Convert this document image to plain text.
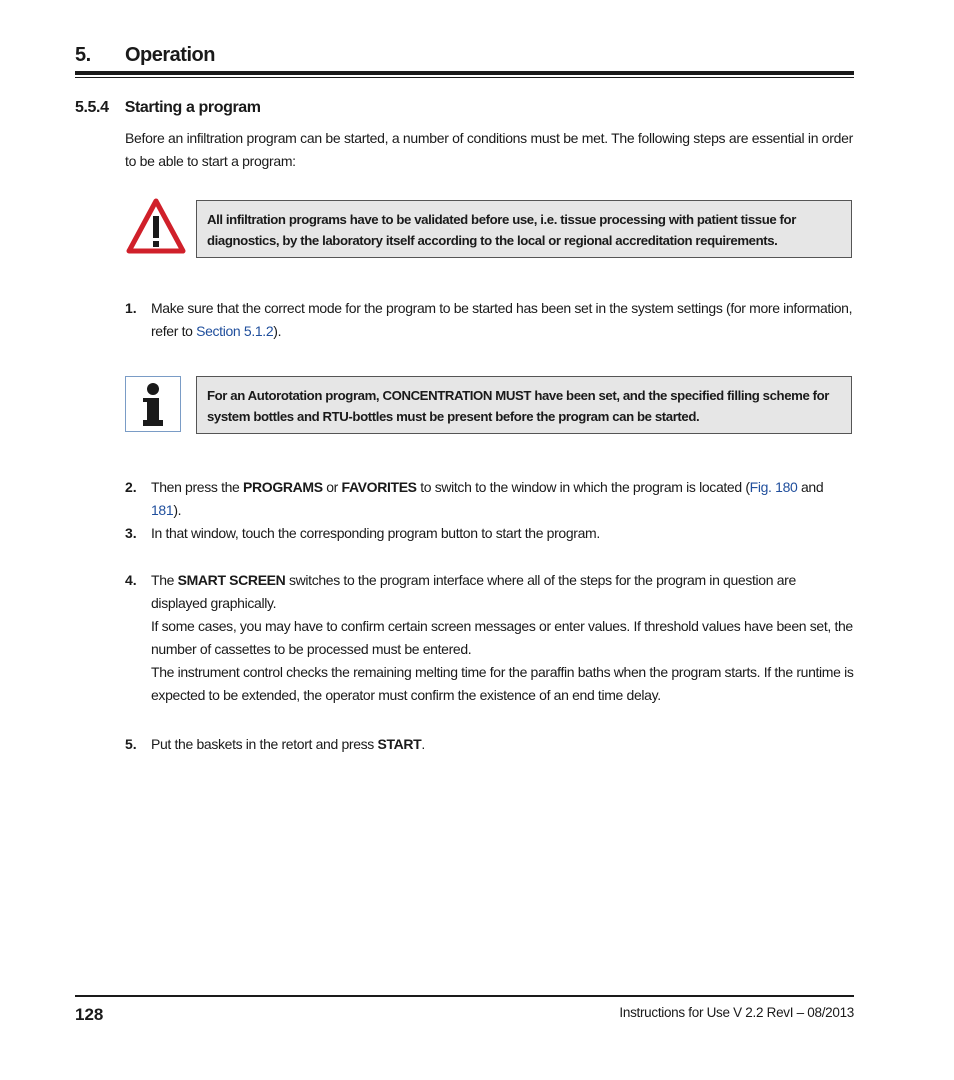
5. Operation
5.5.4 Starting a program
Before an infiltration program can be started, a number of conditions must be met. The following steps are essential in order to be able to start a program:
All infiltration programs have to be validated before use, i.e. tissue processing with patient tissue for diagnostics, by the laboratory itself according to the local or regional accreditation requirements.
1. Make sure that the correct mode for the program to be started has been set in the system settings (for more information, refer to Section 5.1.2).
For an Autorotation program, CONCENTRATION MUST have been set, and the specified filling scheme for system bottles and RTU-bottles must be present before the program can be started.
2. Then press the PROGRAMS or FAVORITES to switch to the window in which the program is located (Fig. 180 and 181).
3. In that window, touch the corresponding program button to start the program.
4. The SMART SCREEN switches to the program interface where all of the steps for the program in question are displayed graphically.
If some cases, you may have to confirm certain screen messages or enter values. If threshold values have been set, the number of cassettes to be processed must be entered.
The instrument control checks the remaining melting time for the paraffin baths when the program starts. If the runtime is expected to be extended, the operator must confirm the existence of an end time delay.
5. Put the baskets in the retort and press START.
128	Instructions for Use V 2.2 RevI – 08/2013
